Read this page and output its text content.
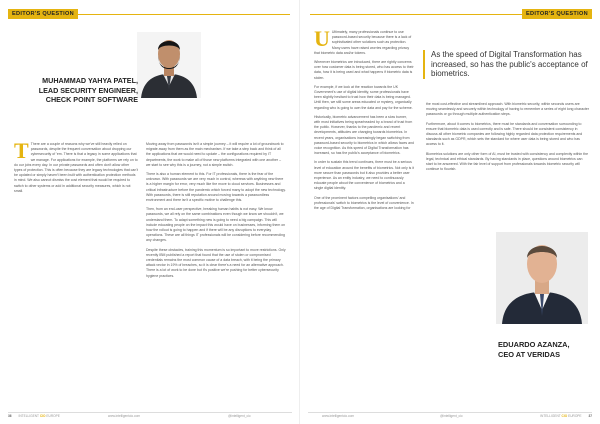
EDITOR'S QUESTION
MUHAMMAD YAHYA PATEL,
LEAD SECURITY ENGINEER,
CHECK POINT SOFTWARE

T There are a couple of reasons why we've still heavily relied on passwords, despite the frequent conversation about dropping our cybersecurity of 'em. There is that a legacy in some applications that we manage. For applications for example, the platforms we rely on to do our jobs every day. In our private passwords and often don't allow other types of protection. This is often because they are legacy technologies that can't be updated or simply haven't been built with authentication protection methods in mind. We also cannot dismiss the cost element that would be required to switch to other systems or add in additional security measures, which is not small.

Moving away from passwords isn't a simple journey – it will require a lot of groundwork to migrate away from them as the main mechanism. If we take a step back and think of all the applications that we would need to update – the configurations required by IT departments, the work to make all of those new platforms integrated with one another – we start to see why this is a journey, not a simple switch.

There is also a human element to this. For IT professionals, there is the fear of the unknown. With passwords we are very much in control, whereas with anything new there is a higher margin for error, very much like the move to cloud services. Businesses and critical infrastructure before the pandemic which forced many to adopt the new technology. With passwords, there is still reputation around moving towards a passwordless environment and there isn't a specific motive to challenge this.

Then, from an end-user perspective, breaking human habits is not easy. We know passwords, we all rely on the same combinations even though we know we shouldn't, we understand them. To adapt something new is going to need a big campaign. This will include educating people on the impact this would have on businesses, informing them on how the rollout is going to happen and if there will be any disruptions to everyday operations. These are all things IT professionals will be considering before recommending any changes.

Despite these obstacles, training this momentum is so important to move restrictions. Only recently IBM published a report that found that the use of stolen or compromised credentials remains the most common cause of a data breach, with it being the primary attack vector in 19% of breaches, so it is clear there's a need for an alternative approach. There is a lot of work to be done but it's positive we're pushing for better cybersecurity hygiene practices.

36 INTELLIGENT CIO EUROPE	www.intelligentcio.com	@intelligent_cio
EDITOR'S QUESTION

U Ultimately, many professionals continue to use password-based security because there is a lack of sophisticated other solutions such as protection. Many users have raised worries regarding privacy that biometric data and/or tokens.

Whenever biometrics are introduced, there are rightly concerns over how customer data is being stored, who has access to their data, how it is being used and what happens if biometric data is stolen.

For example, if we look at the reaction towards the UK Government's use of digital identity, some professionals have been slightly hesitant to trust how their data is being managed. Until then, we still some areas educated or mystery, organically regarding who is going to own the data and pay for the scheme.

Historically, biometric advancement has been a slow burner, with most initiatives being spearheaded by a brand of trust from the public. However, thanks to the pandemic and recent developments, attitudes are changing towards biometrics. In recent years, organisations increasingly began switching from password-based security to biometrics in which allows faces and voice recognition. As this speed of Digital Transformation has increased, so has the public's acceptance of biometrics.

In order to sustain this trend continues, there must be a serious level of education around the benefits of biometrics. Not only is it more secure than passwords but it also provides a better user experience. As an entity industry, we need to continuously educate people about the convenience of biometrics and a single digital identity.

One of the prominent factors compelling organisations' and professionals' switch to biometrics is the level of convenience. In the age of Digital Transformation, organisations are looking for

As the speed of Digital Transformation has increased, so has the public's acceptance of biometrics.

the most cost-effective and streamlined approach. With biometric security, within seconds users are moving seamlessly and securely within technology of having to remember a series of eight long character passwords or go through multiple authentication steps.

Furthermore, about it comes to biometrics, there must be standards and conversation surrounding to ensure that biometric data is used correctly and is safe. There should be consistent consistency in discuss all other biometric companies are following highly regarded data protection requirements and standards such as GDPR, which sets the standard for where user data is being stored and who has access to it.

Biometrics solutions are only other form of AI, must be trusted with consistency and complexity within the legal, technical and ethical standards. By having standards in place, questions around biometrics can start to be answered. With the fair level of support from professionals towards biometric security will continue to flourish.

EDUARDO AZANZA,
CEO AT VERIDAS
www.intelligentcio.com	@intelligent_cio	INTELLIGENT CIO EUROPE 37
